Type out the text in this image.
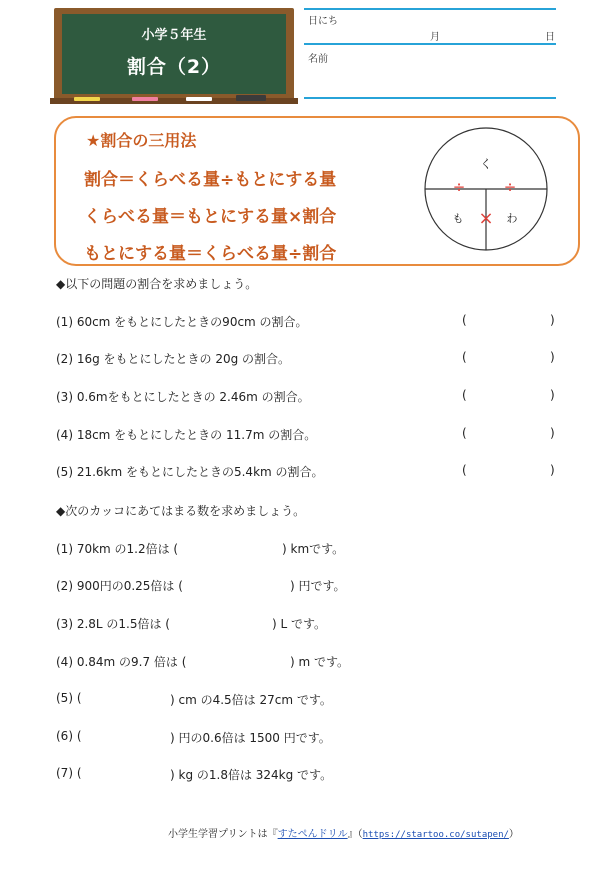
小学５年生
割合（2）
日にち
月	日
名前
★割合の三用法
割合＝くらべる量÷もとにする量
くらべる量＝もとにする量×割合
もとにする量＝くらべる量÷割合
く
も	わ
÷	÷
×
◆以下の問題の割合を求めましょう。
(1) 60cm をもとにしたときの90cm の割合。	(	)
(2) 16g をもとにしたときの 20g の割合。	(	)
(3) 0.6mをもとにしたときの 2.46m の割合。	(	)
(4) 18cm をもとにしたときの 11.7m の割合。	(	)
(5) 21.6km をもとにしたときの5.4km の割合。	(	)
◆次のカッコにあてはまる数を求めましょう。
(1) 70km の1.2倍は (	) kmです。
(2) 900円の0.25倍は (	) 円です。
(3) 2.8L の1.5倍は (	) L です。
(4) 0.84m の9.7 倍は (	) m です。
(5) (	) cm の4.5倍は 27cm です。
(6) (	) 円の0.6倍は 1500 円です。
(7) (	) kg の1.8倍は 324kg です。
小学生学習プリントは『すたぺんドリル』（https://startoo.co/sutapen/）
